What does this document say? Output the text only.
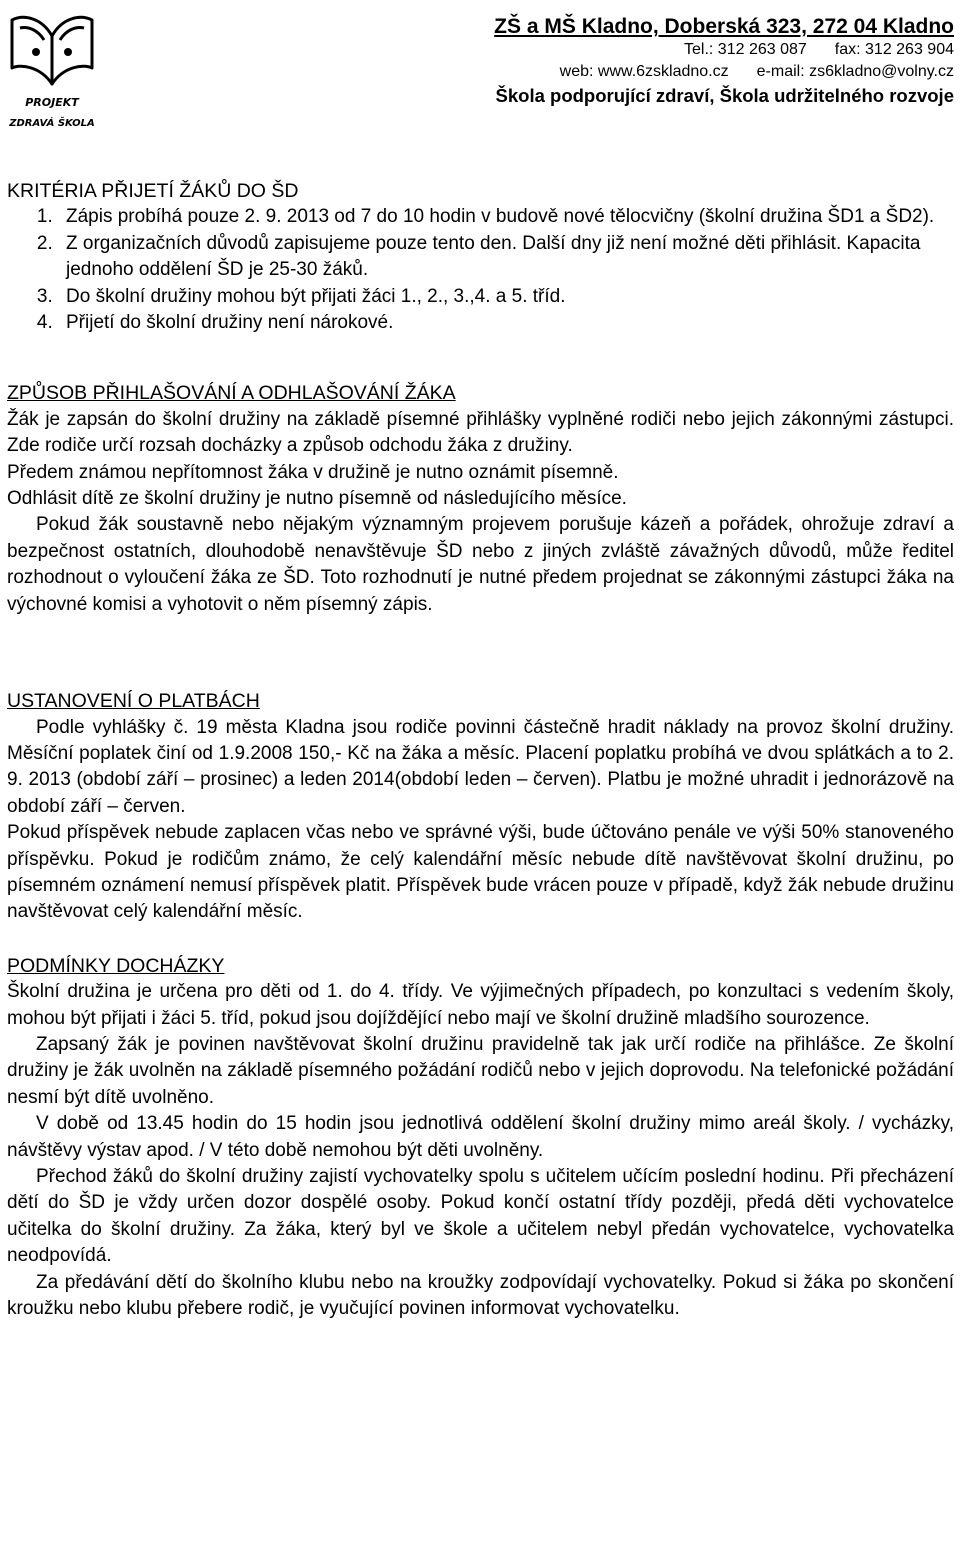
PROJEKT
ZDRAVÁ ŠKOLA
ZŠ a MŠ Kladno, Doberská 323, 272 04 Kladno
Tel.: 312 263 087 fax: 312 263 904
web: www.6zskladno.cz e-mail: zs6kladno@volny.cz
Škola podporující zdraví, Škola udržitelného rozvoje
KRITÉRIA PŘIJETÍ ŽÁKŮ DO ŠD
1. Zápis probíhá pouze 2. 9. 2013 od 7 do 10 hodin v budově nové tělocvičny (školní družina ŠD1 a ŠD2).
2. Z organizačních důvodů zapisujeme pouze tento den. Další dny již není možné děti přihlásit. Kapacita jednoho oddělení ŠD je 25-30 žáků.
3. Do školní družiny mohou být přijati žáci 1., 2., 3.,4. a 5. tříd.
4. Přijetí do školní družiny není nárokové.
ZPŮSOB PŘIHLAŠOVÁNÍ A ODHLAŠOVÁNÍ ŽÁKA

Žák je zapsán do školní družiny na základě písemné přihlášky vyplněné rodiči nebo jejich zákonnými zástupci. Zde rodiče určí rozsah docházky a způsob odchodu žáka z družiny.

Předem známou nepřítomnost žáka v družině je nutno oznámit písemně.

Odhlásit dítě ze školní družiny je nutno písemně od následujícího měsíce.

Pokud žák soustavně nebo nějakým významným projevem porušuje kázeň a pořádek, ohrožuje zdraví a bezpečnost ostatních, dlouhodobě nenavštěvuje ŠD nebo z jiných zvláště závažných důvodů, může ředitel rozhodnout o vyloučení žáka ze ŠD. Toto rozhodnutí je nutné předem projednat se zákonnými zástupci žáka na výchovné komisi a vyhotovit o něm písemný zápis.

USTANOVENÍ O PLATBÁCH

Podle vyhlášky č. 19 města Kladna jsou rodiče povinni částečně hradit náklady na provoz školní družiny. Měsíční poplatek činí od 1.9.2008 150,- Kč na žáka a měsíc. Placení poplatku probíhá ve dvou splátkách a to 2. 9. 2013 (období září – prosinec) a leden 2014(období leden – červen). Platbu je možné uhradit i jednorázově na období září – červen.

Pokud příspěvek nebude zaplacen včas nebo ve správné výši, bude účtováno penále ve výši 50% stanoveného příspěvku. Pokud je rodičům známo, že celý kalendářní měsíc nebude dítě navštěvovat školní družinu, po písemném oznámení nemusí příspěvek platit. Příspěvek bude vrácen pouze v případě, když žák nebude družinu navštěvovat celý kalendářní měsíc.

PODMÍNKY DOCHÁZKY

Školní družina je určena pro děti od 1. do 4. třídy. Ve výjimečných případech, po konzultaci s vedením školy, mohou být přijati i žáci 5. tříd, pokud jsou dojíždějící nebo mají ve školní družině mladšího sourozence.

Zapsaný žák je povinen navštěvovat školní družinu pravidelně tak jak určí rodiče na přihlášce. Ze školní družiny je žák uvolněn na základě písemného požádání rodičů nebo v jejich doprovodu. Na telefonické požádání nesmí být dítě uvolněno.

V době od 13.45 hodin do 15 hodin jsou jednotlivá oddělení školní družiny mimo areál školy. / vycházky, návštěvy výstav apod. / V této době nemohou být děti uvolněny.

Přechod žáků do školní družiny zajistí vychovatelky spolu s učitelem učícím poslední hodinu. Při přecházení dětí do ŠD je vždy určen dozor dospělé osoby. Pokud končí ostatní třídy později, předá děti vychovatelce učitelka do školní družiny. Za žáka, který byl ve škole a učitelem nebyl předán vychovatelce, vychovatelka neodpovídá.

Za předávání dětí do školního klubu nebo na kroužky zodpovídají vychovatelky. Pokud si žáka po skončení kroužku nebo klubu přebere rodič, je vyučující povinen informovat vychovatelku.
